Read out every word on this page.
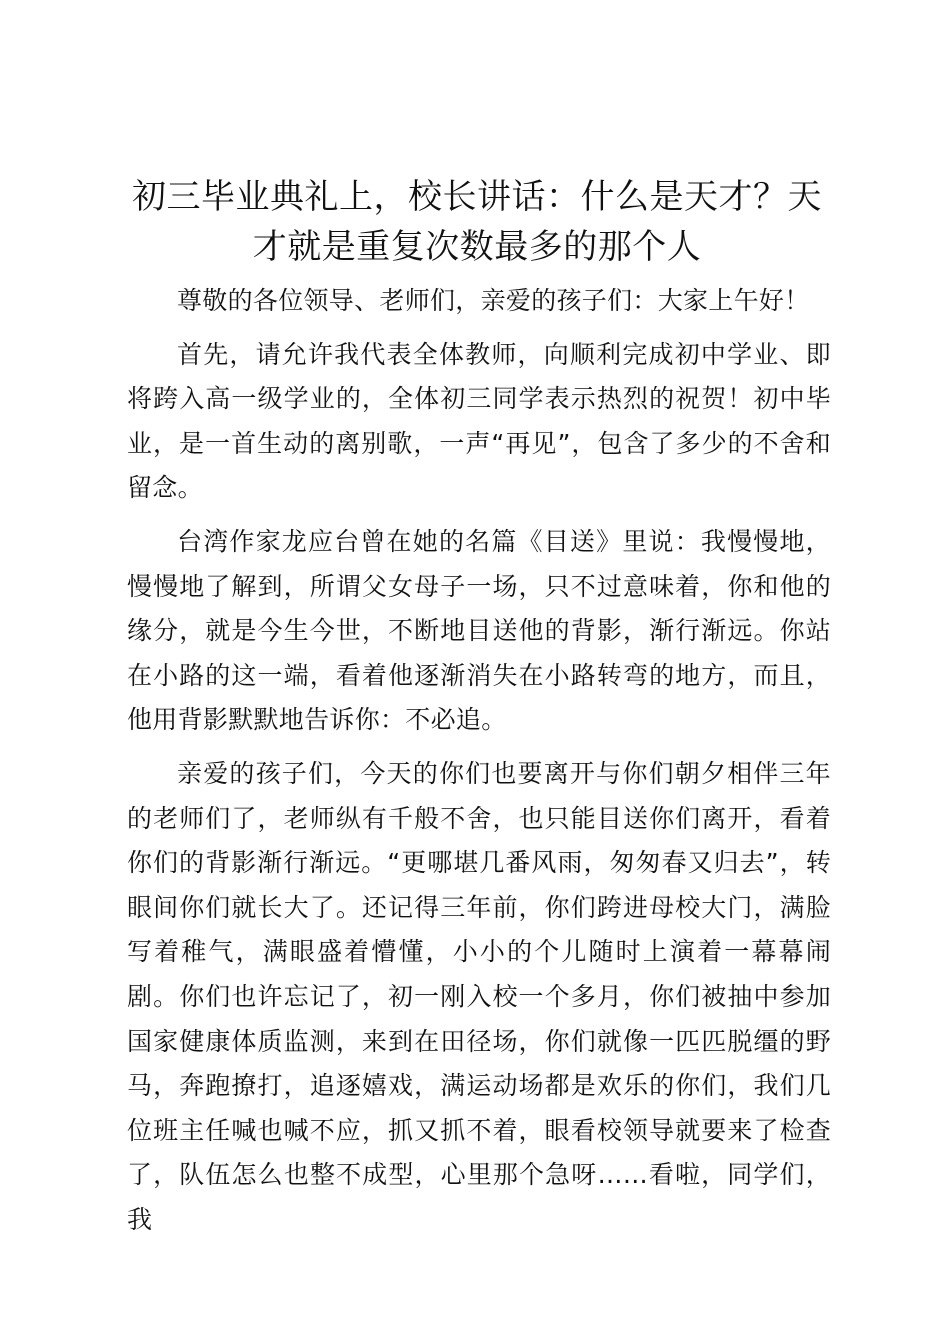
初三毕业典礼上，校长讲话：什么是天才？天才就是重复次数最多的那个人

尊敬的各位领导、老师们，亲爱的孩子们：大家上午好！

首先，请允许我代表全体教师，向顺利完成初中学业、即将跨入高一级学业的，全体初三同学表示热烈的祝贺！初中毕业，是一首生动的离别歌，一声“再见”，包含了多少的不舍和留念。

台湾作家龙应台曾在她的名篇《目送》里说：我慢慢地，慢慢地了解到，所谓父女母子一场，只不过意味着，你和他的缘分，就是今生今世，不断地目送他的背影，渐行渐远。你站在小路的这一端，看着他逐渐消失在小路转弯的地方，而且，他用背影默默地告诉你：不必追。

亲爱的孩子们，今天的你们也要离开与你们朝夕相伴三年的老师们了，老师纵有千般不舍，也只能目送你们离开，看着你们的背影渐行渐远。“更哪堪几番风雨，匆匆春又归去”，转眼间你们就长大了。还记得三年前，你们跨进母校大门，满脸写着稚气，满眼盛着懵懂，小小的个儿随时上演着一幕幕闹剧。你们也许忘记了，初一刚入校一个多月，你们被抽中参加国家健康体质监测，来到在田径场，你们就像一匹匹脱缰的野马，奔跑撩打，追逐嬉戏，满运动场都是欢乐的你们，我们几位班主任喊也喊不应，抓又抓不着，眼看校领导就要来了检查了，队伍怎么也整不成型，心里那个急呀……看啦，同学们，我
